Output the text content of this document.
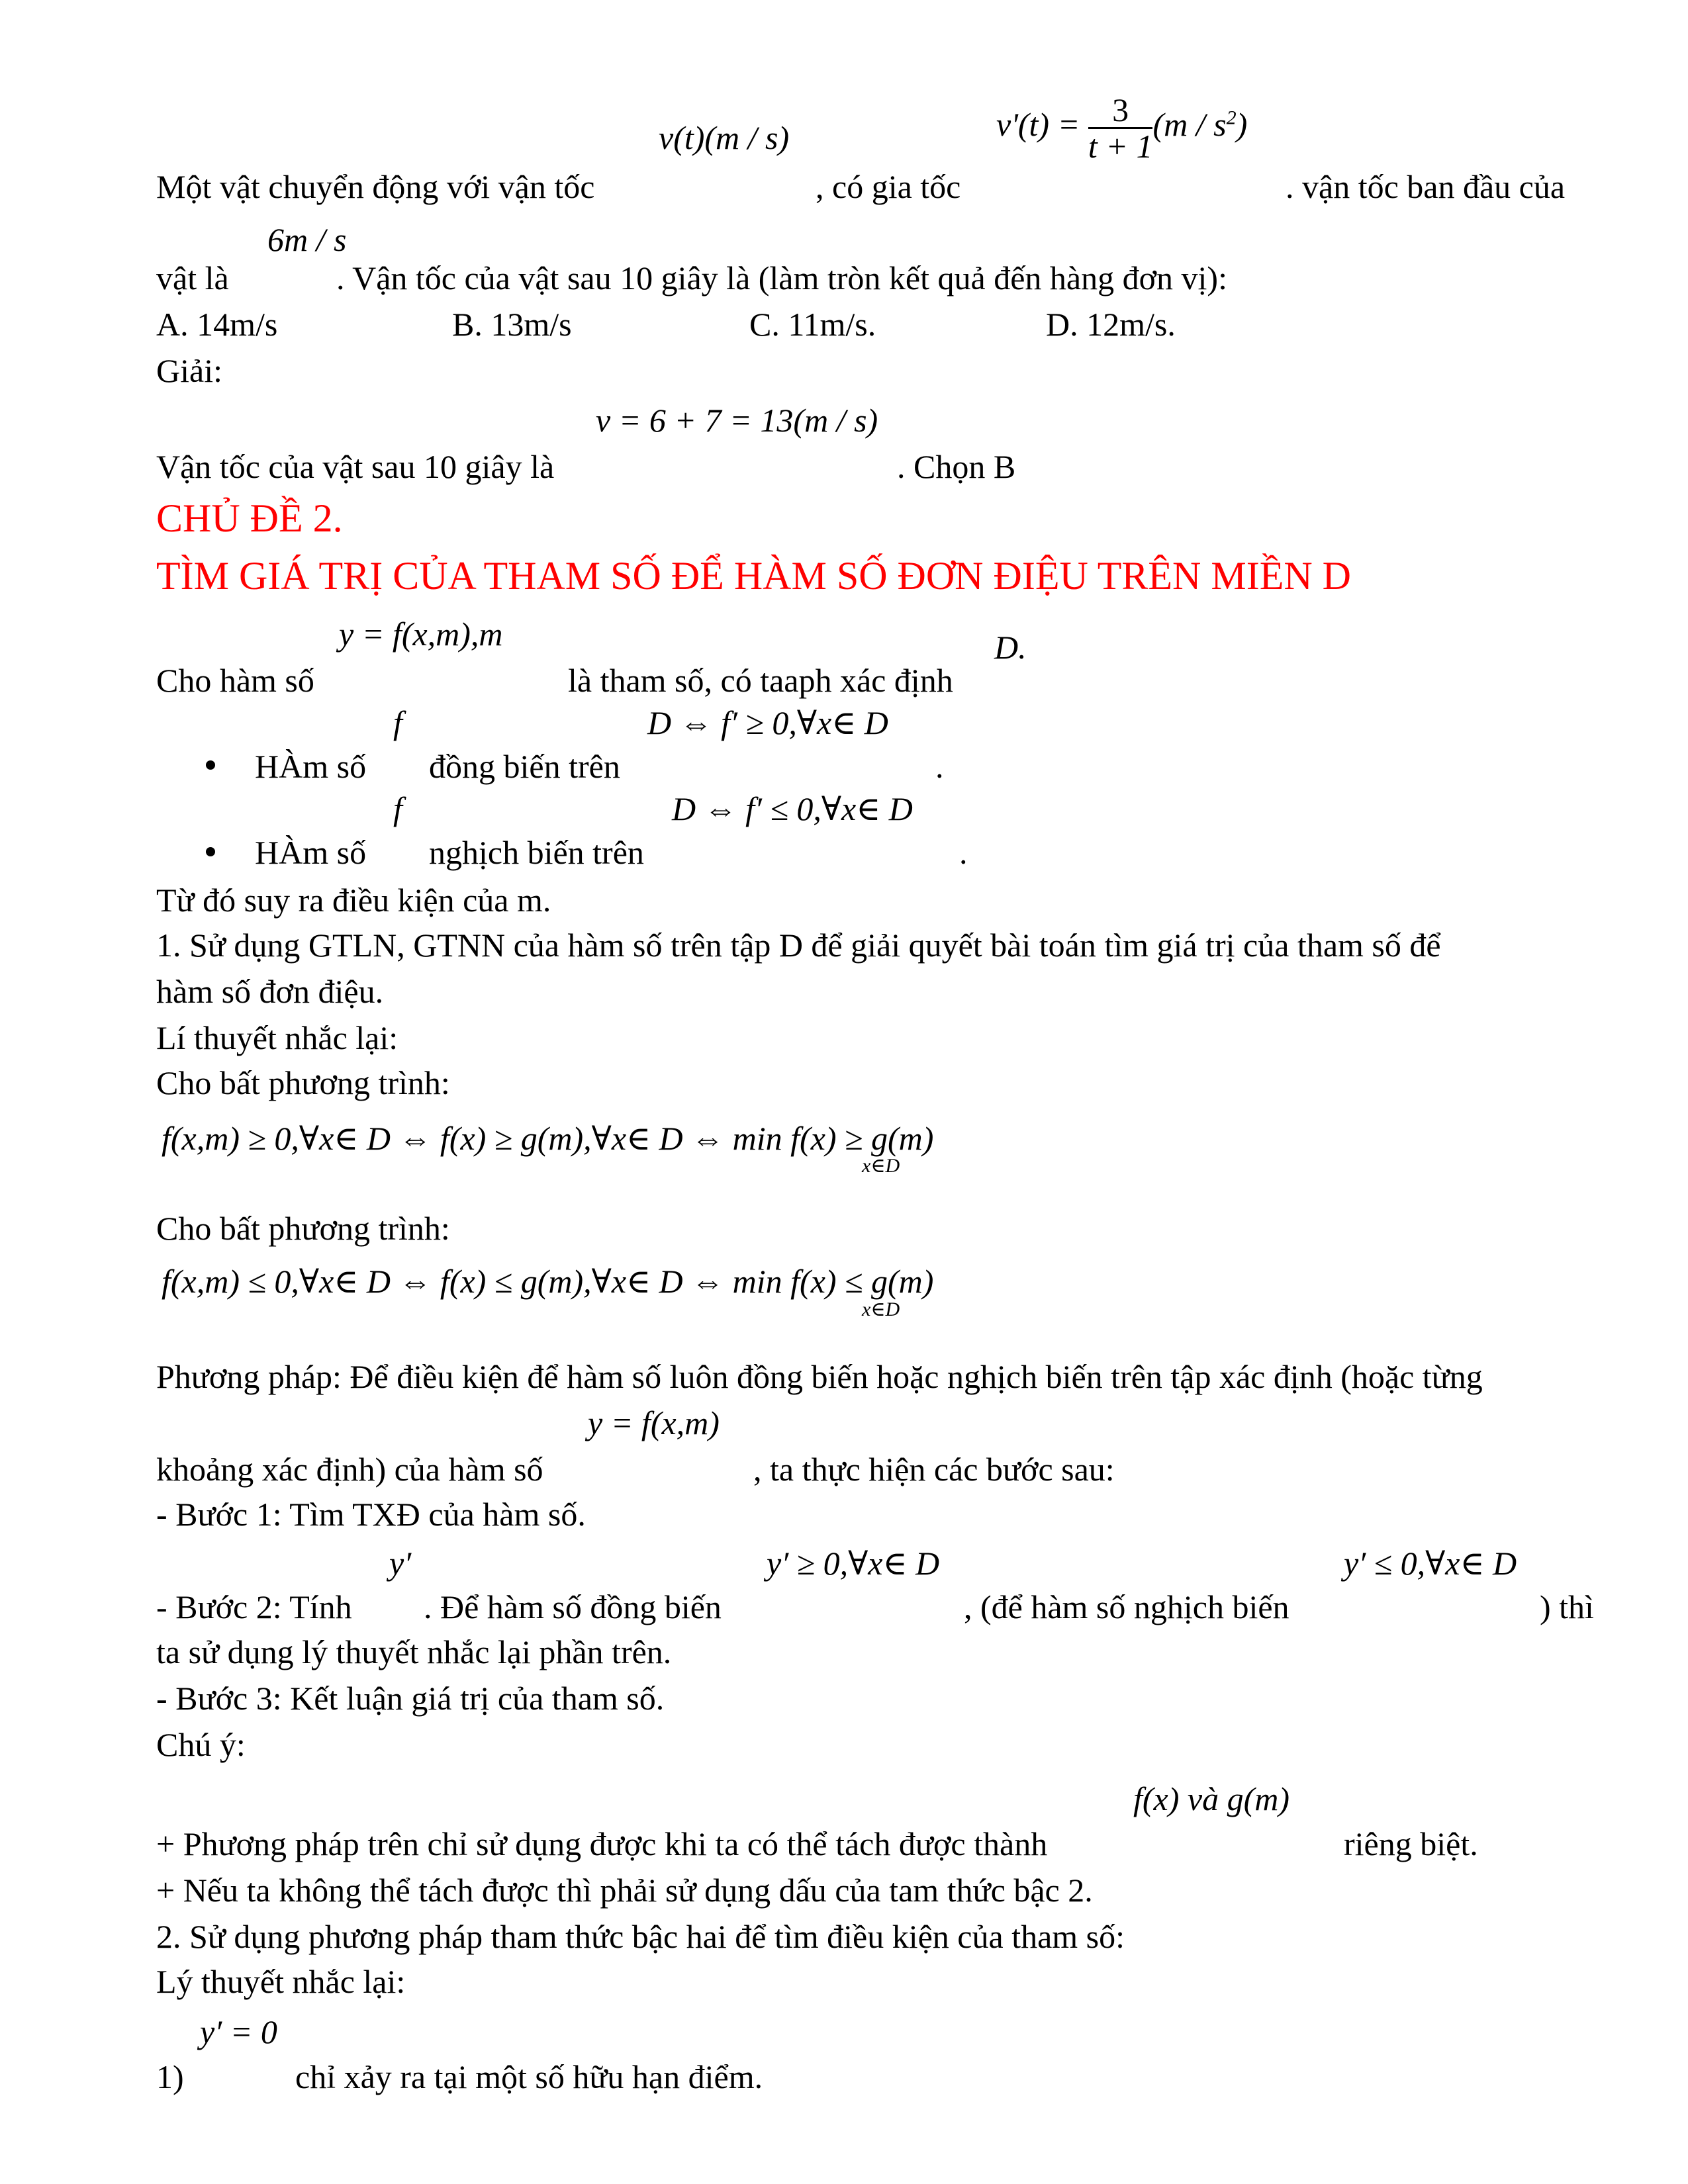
v(t)(m / s)	$v'(t) = \frac{3}{t + 1} (m / s^2)$
Một vật chuyển động với vận tốc	, có gia tốc	. vận tốc ban đầu của
6m / s
vật là	. Vận tốc của vật sau 10 giây là (làm tròn kết quả đến hàng đơn vị):
A. 14m/s	B. 13m/s	C. 11m/s.	D. 12m/s.
Giải:
v = 6 + 7 = 13(m / s)
Vận tốc của vật sau 10 giây là	. Chọn B
CHỦ ĐỀ 2.
TÌM GIÁ TRỊ CỦA THAM SỐ ĐỂ HÀM SỐ ĐƠN ĐIỆU TRÊN MIỀN D
y = f(x,m),m	D.
Cho hàm số	là tham số, có taaph xác định
f	D ⇔ f′ ≥ 0,∀x∈ D
HÀm số đồng biến trên	.
f	D ⇔ f′ ≤ 0,∀x∈ D
HÀm số nghịch biến trên	.
Từ đó suy ra điều kiện của m.
1. Sử dụng GTLN, GTNN của hàm số trên tập D để giải quyết bài toán tìm giá trị của tham số để
hàm số đơn điệu.
Lí thuyết nhắc lại:
Cho bất phương trình:
f(x,m) ≥ 0,∀x∈ D ⇔ f(x) ≥ g(m),∀x∈ D ⇔ min f(x) ≥ g(m)
x∈D
Cho bất phương trình:
f(x,m) ≤ 0,∀x∈ D ⇔ f(x) ≤ g(m),∀x∈ D ⇔ min f(x) ≤ g(m)
x∈D
Phương pháp: Để điều kiện để hàm số luôn đồng biến hoặc nghịch biến trên tập xác định (hoặc từng
y = f(x,m)
khoảng xác định) của hàm số	, ta thực hiện các bước sau:
- Bước 1: Tìm TXĐ của hàm số.
y′	y′ ≥ 0,∀x∈ D	y′ ≤ 0,∀x∈ D
- Bước 2: Tính . Để hàm số đồng biến	, (để hàm số nghịch biến	) thì
ta sử dụng lý thuyết nhắc lại phần trên.
- Bước 3: Kết luận giá trị của tham số.
Chú ý:
f(x) và g(m)
+ Phương pháp trên chỉ sử dụng được khi ta có thể tách được thành	riêng biệt.
+ Nếu ta không thể tách được thì phải sử dụng dấu của tam thức bậc 2.
2. Sử dụng phương pháp tham thức bậc hai để tìm điều kiện của tham số:
Lý thuyết nhắc lại:
y′ = 0
1)	chỉ xảy ra tại một số hữu hạn điểm.
